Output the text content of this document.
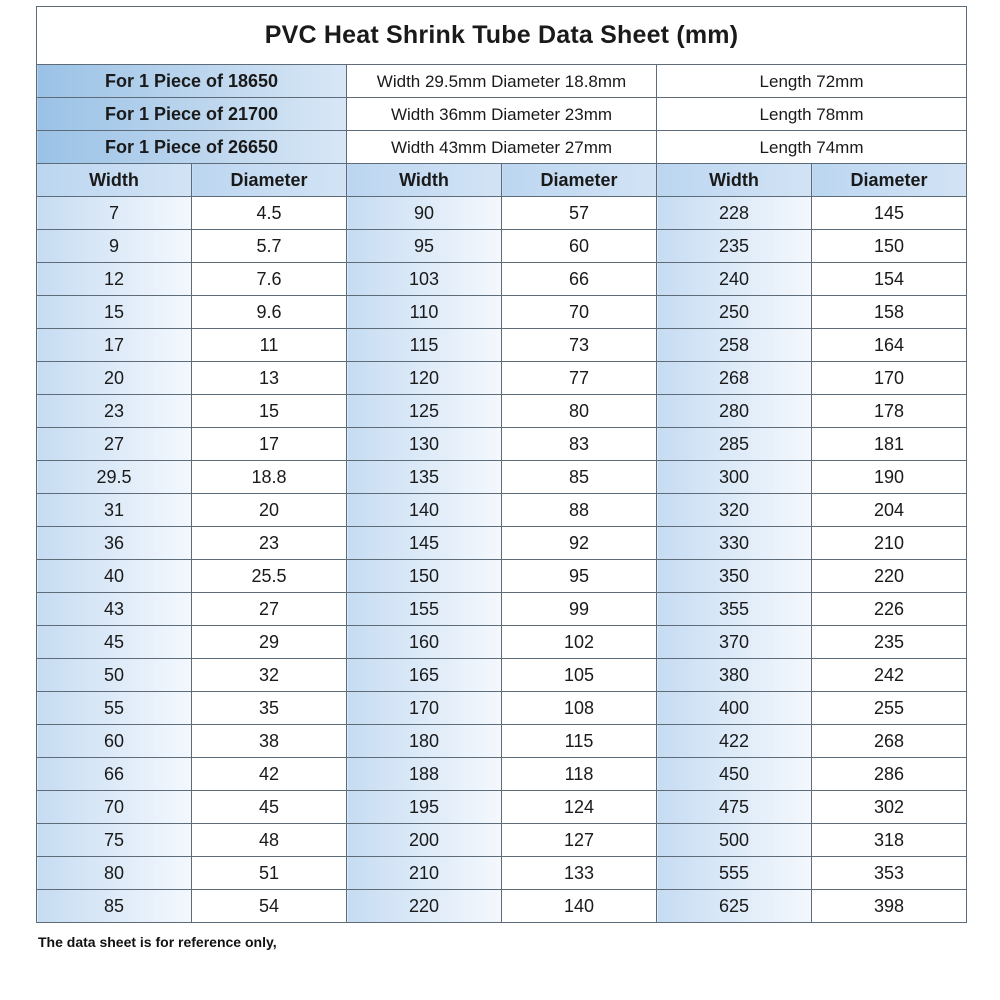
PVC Heat Shrink Tube Data Sheet (mm)					
For 1 Piece of 18650		Width 29.5mm Diameter 18.8mm		Length 72mm	
For 1 Piece of 21700		Width 36mm Diameter 23mm		Length 78mm	
For 1 Piece of 26650		Width 43mm Diameter 27mm		Length 74mm	
Width	Diameter	Width	Diameter	Width	Diameter
7	4.5	90	57	228	145
9	5.7	95	60	235	150
12	7.6	103	66	240	154
15	9.6	110	70	250	158
17	11	115	73	258	164
20	13	120	77	268	170
23	15	125	80	280	178
27	17	130	83	285	181
29.5	18.8	135	85	300	190
31	20	140	88	320	204
36	23	145	92	330	210
40	25.5	150	95	350	220
43	27	155	99	355	226
45	29	160	102	370	235
50	32	165	105	380	242
55	35	170	108	400	255
60	38	180	115	422	268
66	42	188	118	450	286
70	45	195	124	475	302
75	48	200	127	500	318
80	51	210	133	555	353
85	54	220	140	625	398
The data sheet is for reference only,
